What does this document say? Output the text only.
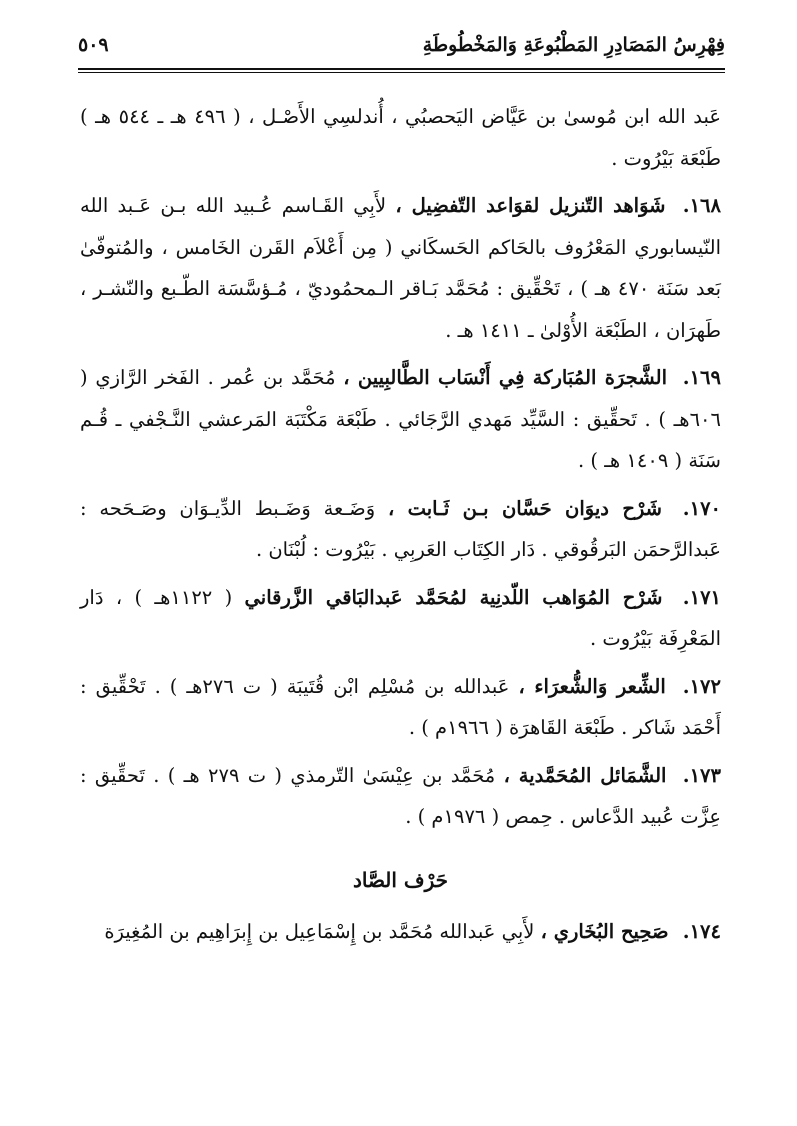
فِهْرِسُ المَصَادِرِ المَطْبُوعَةِ وَالمَخْطُوطَةِ
٥٠٩

عَبد الله ابن مُوسىٰ بن عَيَّاض اليَحصبُي ، أُندلسِي الأَصْـل ، ( ٤٩٦ هـ ـ ٥٤٤ هـ ) طَبْعَة بَيْرُوت .

١٦٨. شَوَاهد التّنزيل لقوَاعد التّفضِيل ، لأَبِي القَـاسم عُـبيد الله بـن عَـبد الله النّيسابوري المَعْرُوف بالحَاكم الحَسكَاني ( مِن أَعْلاَم القَرن الخَامس ، والمُتوفّىٰ بَعد سَنَة ٤٧٠ هـ ) ، تَحْقِّيق : مُحَمَّد بَـاقر الـمحمُوديّ ، مُـؤسَّسَة الطّـبع والنّشـر ، طَهرَان ، الطَبْعَة الأُوْلىٰ ـ ١٤١١ هـ .

١٦٩. الشَّجرَة المُبَاركة فِي أَنْسَاب الطَّالبِيين ، مُحَمَّد بن عُمر . الفَخر الرَّازي ( ٦٠٦هـ ) . تَحقِّيق : السَّيِّد مَهدي الرَّجَائي . طَبْعَة مَكْتَبَة المَرعشي النَّـجْفي ـ قُـم سَنَة ( ١٤٠٩ هـ ) .

١٧٠. شَرْح ديوَان حَسَّان بـن ثَـابت ، وَضَـعة وَضَـبط الدِّيـوَان وصَـحَحه : عَبدالرَّحمَن البَرقُوقي . دَار الكِتَاب العَربِي . بَيْرُوت : لُبْنَان .

١٧١. شَرْح المُوَاهب اللّدنِية لمُحَمَّد عَبدالبَاقي الزَّرقاني ( ١١٢٢هـ ) ، دَار المَعْرِفَة بَيْرُوت .

١٧٢. الشِّعر وَالشُّعرَاء ، عَبدالله بن مُسْلِم ابْن قُتَيبَة ( ت ٢٧٦هـ ) . تَحْقِّيق : أَحْمَد شَاكر . طَبْعَة القَاهرَة ( ١٩٦٦م ) .

١٧٣. الشَّمَائل المُحَمَّدية ، مُحَمَّد بن عِيْسَىٰ التّرمذي ( ت ٢٧٩ هـ ) . تَحقِّيق : عِزَّت عُبيد الدَّعاس . حِمص ( ١٩٧٦م ) .

حَرْف الصَّاد

١٧٤. صَحِيح البُخَاري ، لأَبِي عَبدالله مُحَمَّد بن إِسْمَاعِيل بن إِبرَاهِيم بن المُغِيرَة
